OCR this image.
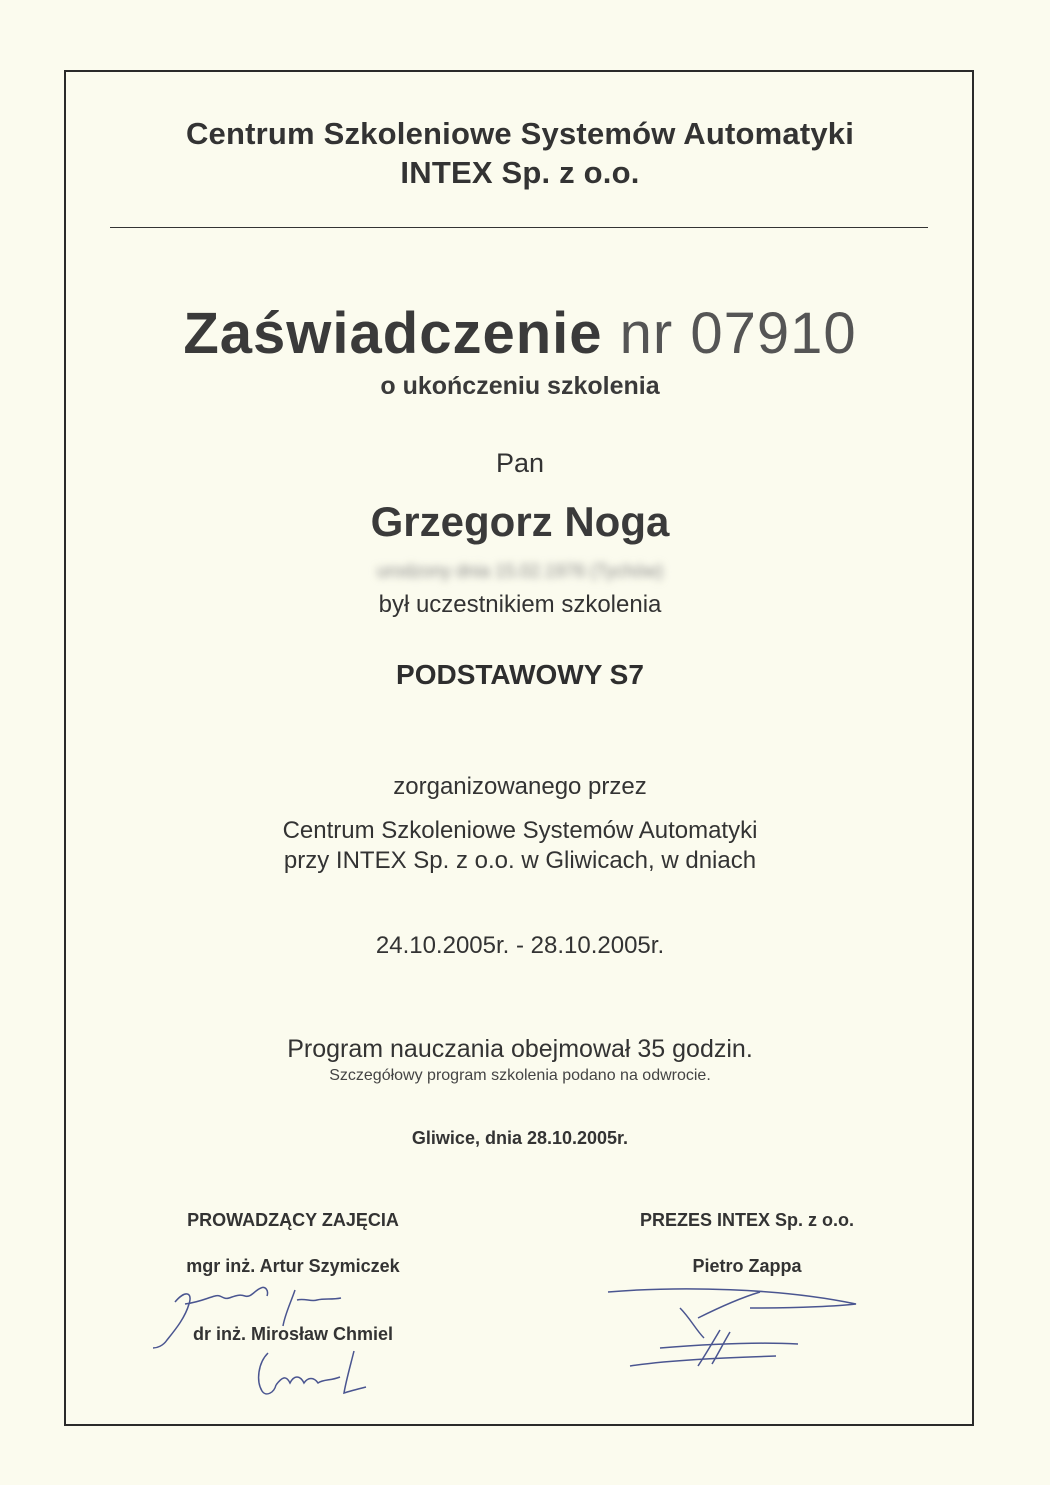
Centrum Szkoleniowe Systemów Automatyki
INTEX Sp. z o.o.
Zaświadczenie nr 07910
o ukończeniu szkolenia
Pan
Grzegorz Noga
urodzony dnia 15.02.1976 (Tychów)
był uczestnikiem szkolenia
PODSTAWOWY S7
zorganizowanego przez
Centrum Szkoleniowe Systemów Automatyki
przy INTEX Sp. z o.o. w Gliwicach, w dniach
24.10.2005r. - 28.10.2005r.
Program nauczania obejmował 35 godzin.
Szczegółowy program szkolenia podano na odwrocie.
Gliwice, dnia 28.10.2005r.
PROWADZĄCY ZAJĘCIA
mgr inż. Artur Szymiczek
dr inż. Mirosław Chmiel
PREZES INTEX Sp. z o.o.
Pietro Zappa
